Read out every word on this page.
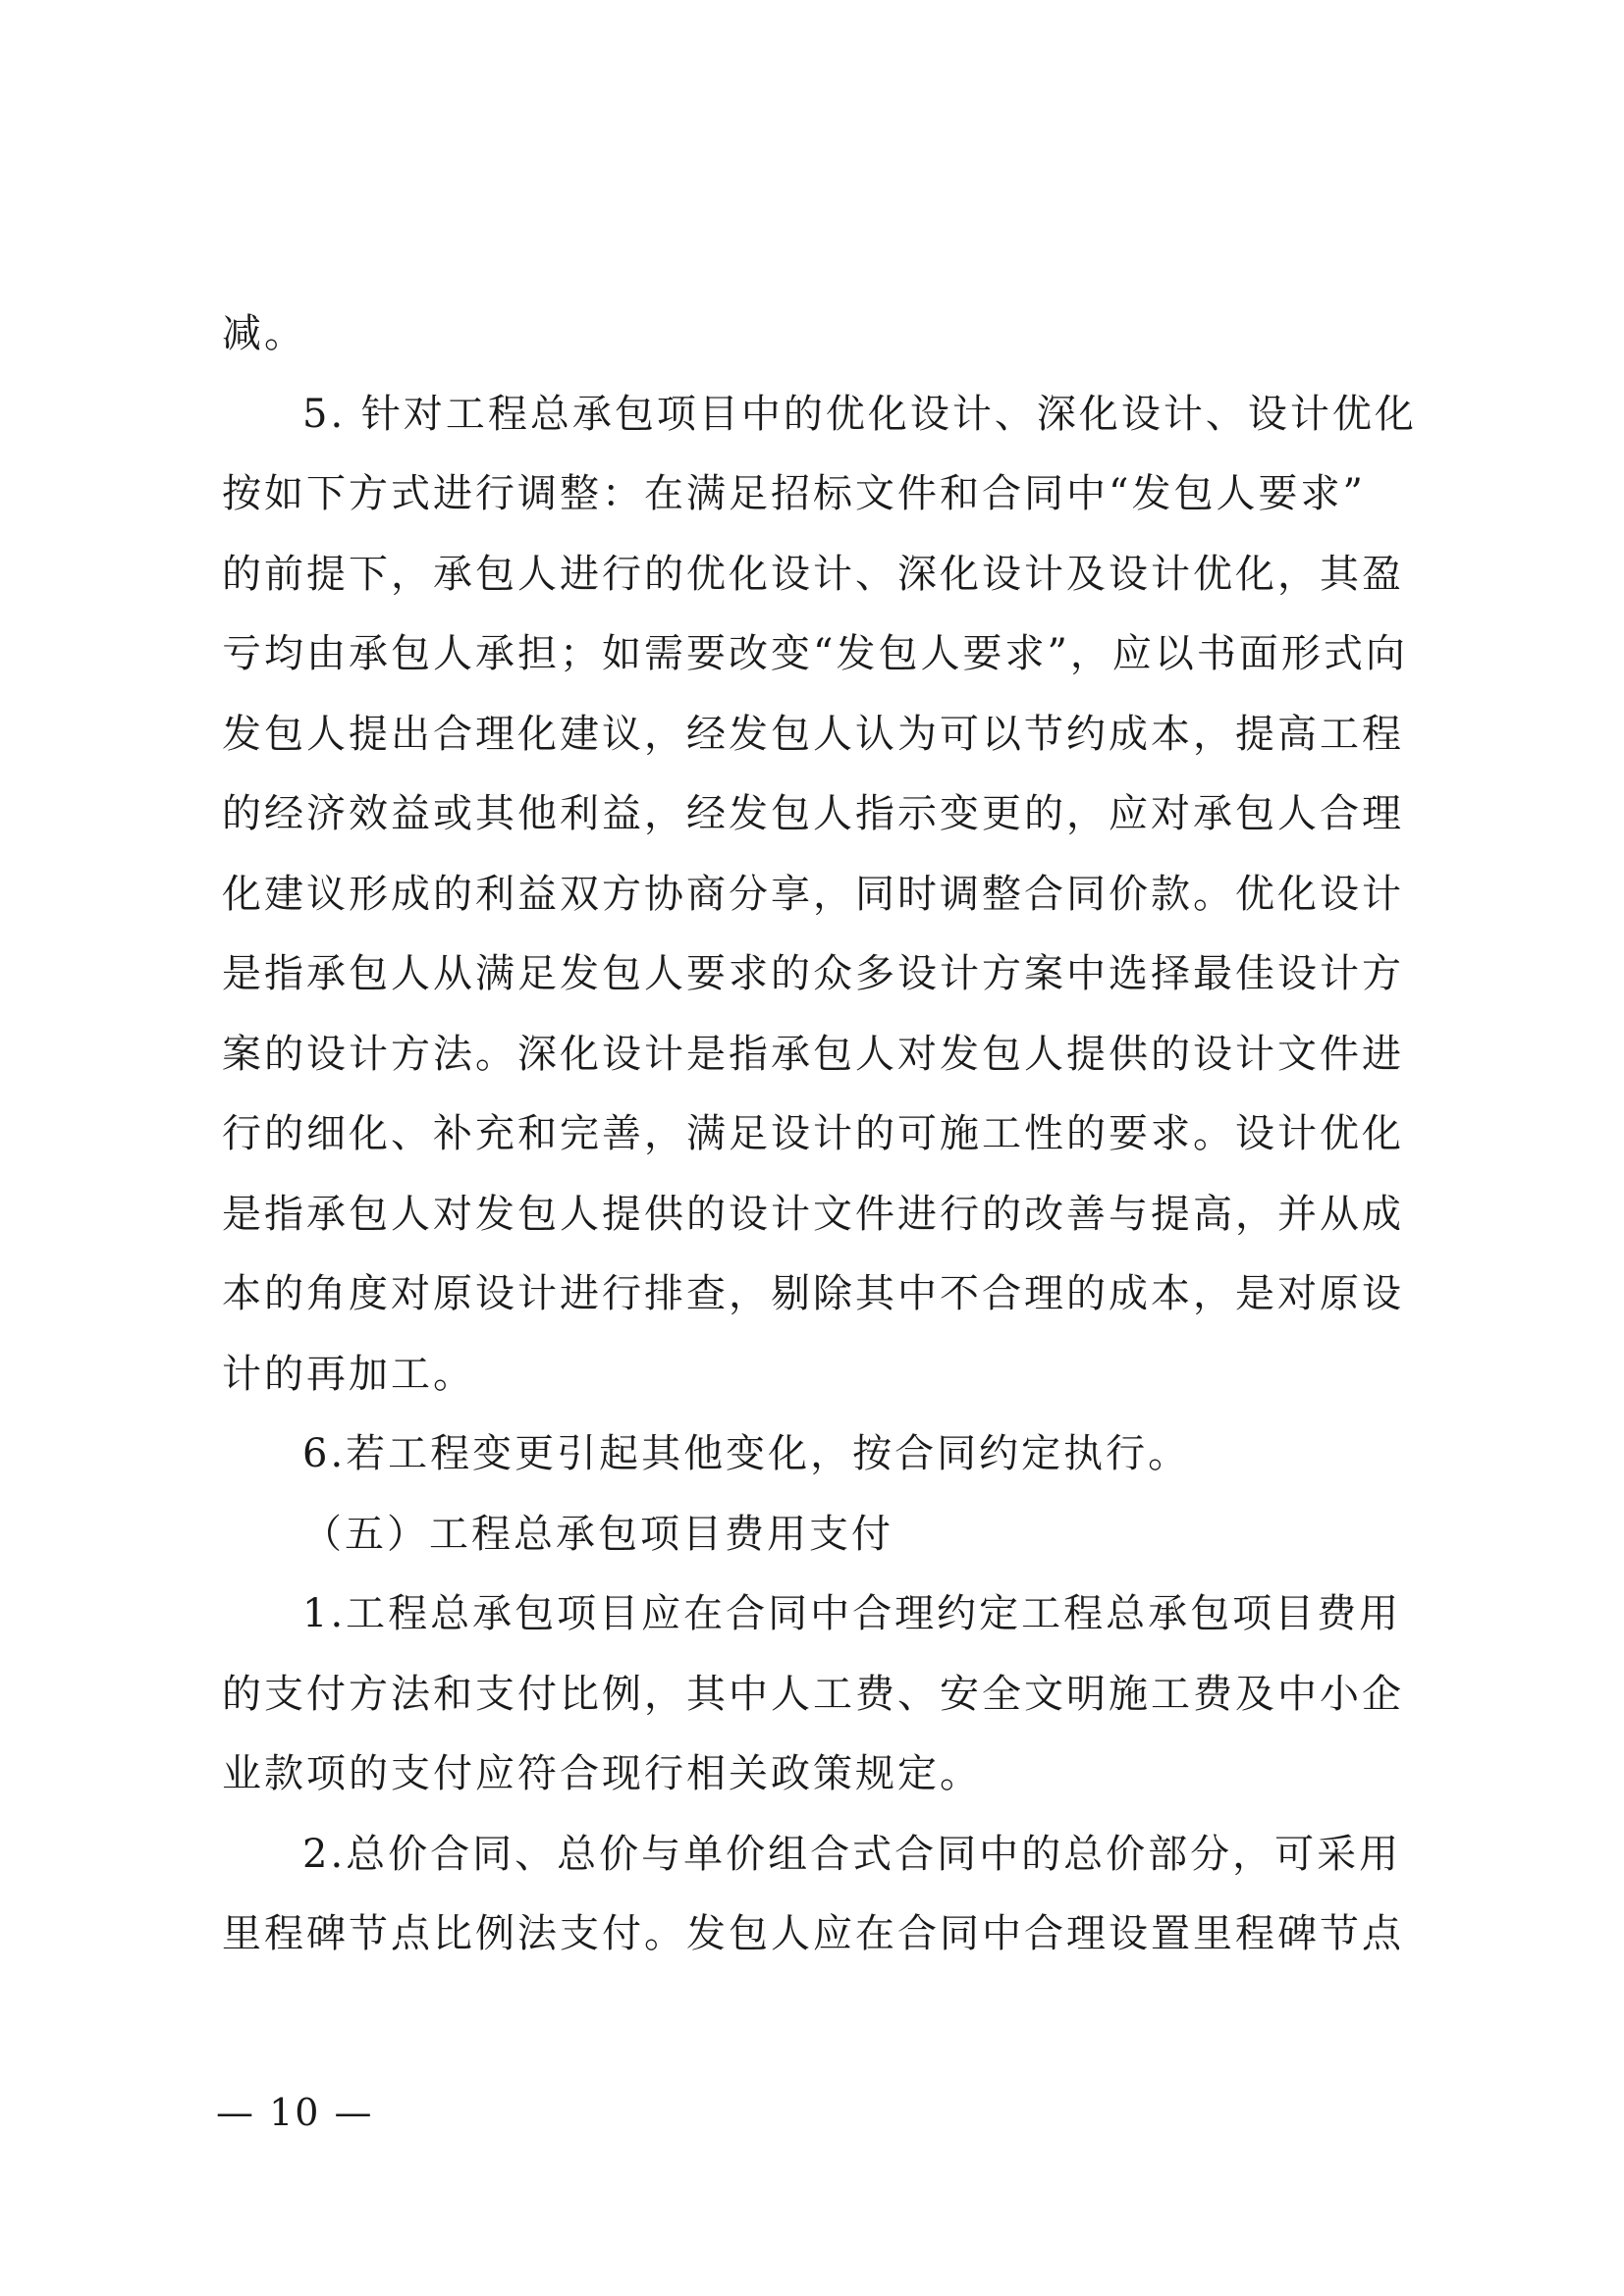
减。
5. 针对工程总承包项目中的优化设计、深化设计、设计优化
按如下方式进行调整：在满足招标文件和合同中“发包人要求”
的前提下，承包人进行的优化设计、深化设计及设计优化，其盈
亏均由承包人承担；如需要改变“发包人要求”，应以书面形式向
发包人提出合理化建议，经发包人认为可以节约成本，提高工程
的经济效益或其他利益，经发包人指示变更的，应对承包人合理
化建议形成的利益双方协商分享，同时调整合同价款。优化设计
是指承包人从满足发包人要求的众多设计方案中选择最佳设计方
案的设计方法。深化设计是指承包人对发包人提供的设计文件进
行的细化、补充和完善，满足设计的可施工性的要求。设计优化
是指承包人对发包人提供的设计文件进行的改善与提高，并从成
本的角度对原设计进行排查，剔除其中不合理的成本，是对原设
计的再加工。
6.若工程变更引起其他变化，按合同约定执行。
（五）工程总承包项目费用支付
1.工程总承包项目应在合同中合理约定工程总承包项目费用
的支付方法和支付比例，其中人工费、安全文明施工费及中小企
业款项的支付应符合现行相关政策规定。
2.总价合同、总价与单价组合式合同中的总价部分，可采用
里程碑节点比例法支付。发包人应在合同中合理设置里程碑节点
— 10 —
